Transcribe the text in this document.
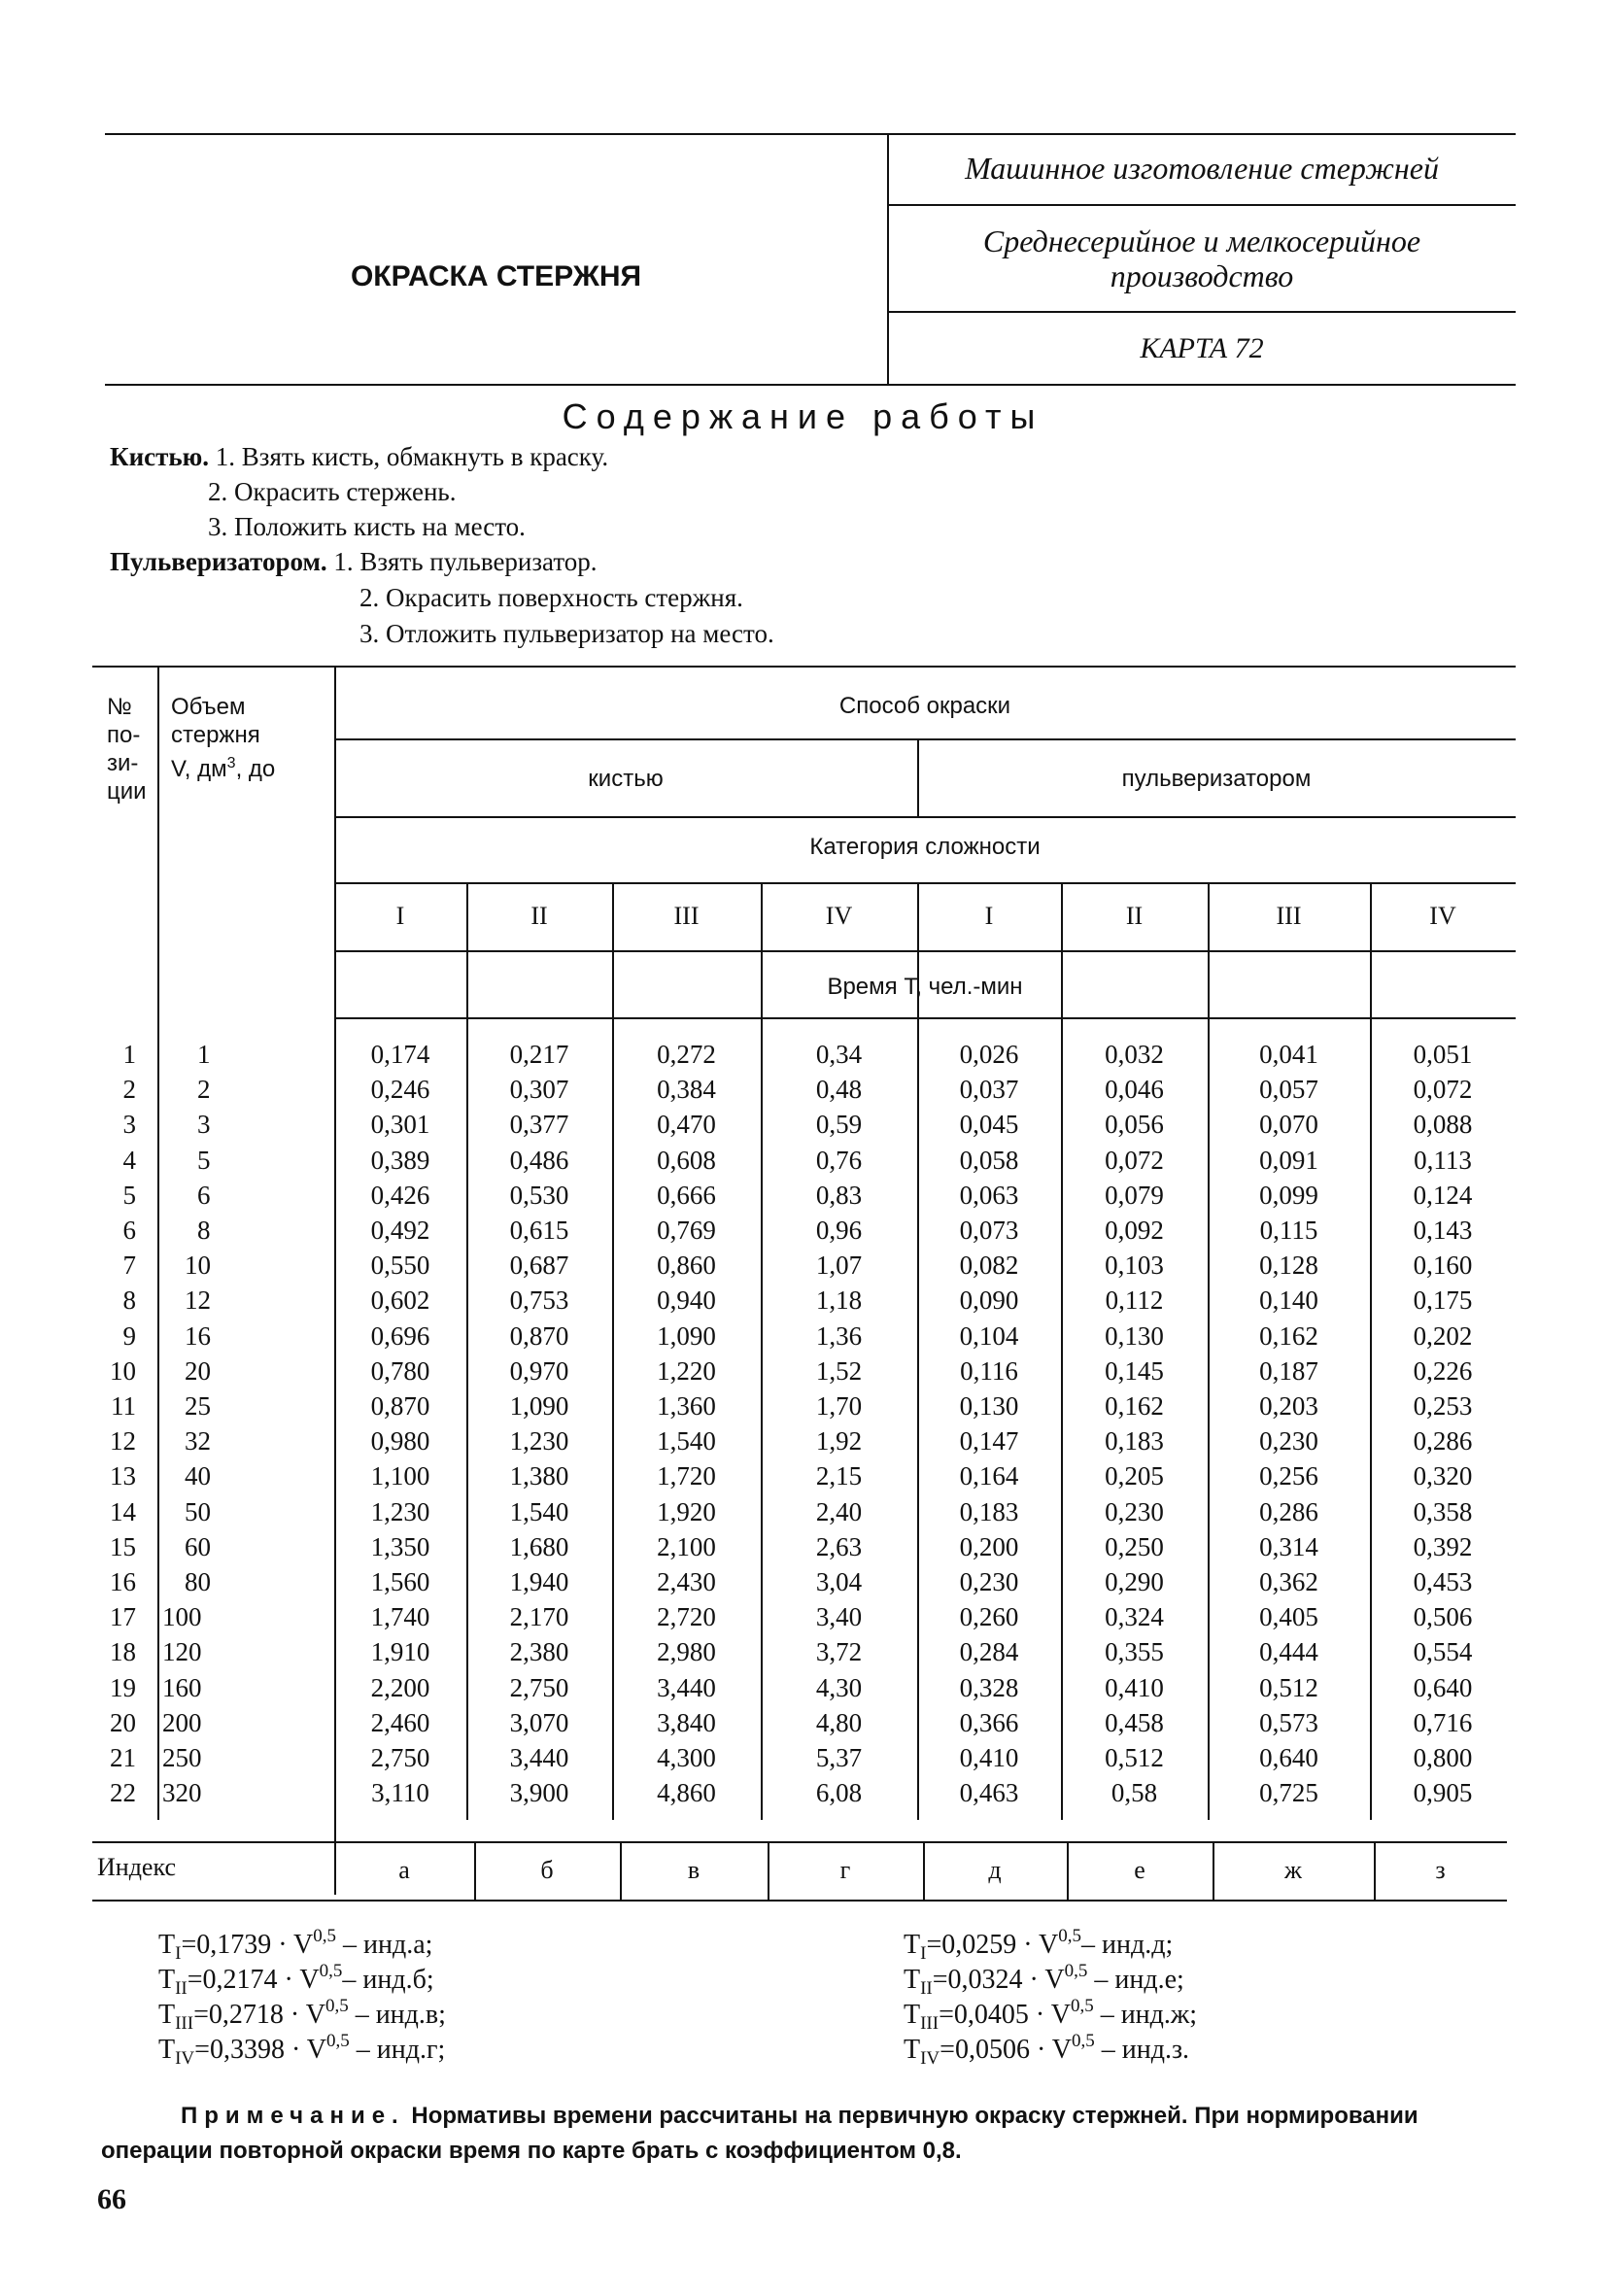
ОКРАСКА СТЕРЖНЯ
Машинное изготовление стержней
Среднесерийное и мелкосерийное
производство
КАРТА 72
Содержание работы
Кистью. 1. Взять кисть, обмакнуть в краску.
2. Окрасить стержень.
3. Положить кисть на место.
Пульверизатором. 1. Взять пульверизатор.
2. Окрасить поверхность стержня.
3. Отложить пульверизатор на место.
№
по-
зи-
ции
Объем
стержня
V, $дм^3$, до
Способ окраски
кистью	пульверизатором
Категория сложности
Время Т, чел.-мин
I	II	III	IV	I	II	III	IV
1 1	0,174	0,217	0,272	0,34	0,026	0,032	0,041	0,051
2 2	0,246	0,307	0,384	0,48	0,037	0,046	0,057	0,072
3 3	0,301	0,377	0,470	0,59	0,045	0,056	0,070	0,088
4 5	0,389	0,486	0,608	0,76	0,058	0,072	0,091	0,113
5 6	0,426	0,530	0,666	0,83	0,063	0,079	0,099	0,124
6 8	0,492	0,615	0,769	0,96	0,073	0,092	0,115	0,143
7 10	0,550	0,687	0,860	1,07	0,082	0,103	0,128	0,160
8 12	0,602	0,753	0,940	1,18	0,090	0,112	0,140	0,175
9 16	0,696	0,870	1,090	1,36	0,104	0,130	0,162	0,202
10 20	0,780	0,970	1,220	1,52	0,116	0,145	0,187	0,226
11 25	0,870	1,090	1,360	1,70	0,130	0,162	0,203	0,253
12 32	0,980	1,230	1,540	1,92	0,147	0,183	0,230	0,286
13 40	1,100	1,380	1,720	2,15	0,164	0,205	0,256	0,320
14 50	1,230	1,540	1,920	2,40	0,183	0,230	0,286	0,358
15 60	1,350	1,680	2,100	2,63	0,200	0,250	0,314	0,392
16 80	1,560	1,940	2,430	3,04	0,230	0,290	0,362	0,453
17 100	1,740	2,170	2,720	3,40	0,260	0,324	0,405	0,506
18 120	1,910	2,380	2,980	3,72	0,284	0,355	0,444	0,554
19 160	2,200	2,750	3,440	4,30	0,328	0,410	0,512	0,640
20 200	2,460	3,070	3,840	4,80	0,366	0,458	0,573	0,716
21 250	2,750	3,440	4,300	5,37	0,410	0,512	0,640	0,800
22 320	3,110	3,900	4,860	6,08	0,463	0,58	0,725	0,905
Индекс	а	б	в	г	д	е	ж	з
$T_I=0,1739 \cdot V^{0,5} - инд.а$;	$T_I=0,0259 \cdot V^{0,5}-$ инд.д;
$T_{II}=0,2174 \cdot V^{0,5}-$ инд.б;	$T_{II}=0,0324 \cdot V^{0,5} - инд.е$;
$T_{III}=0,2718 \cdot V^{0,5} - инд.в$;	$T_{III}=0,0405 \cdot V^{0,5} - инд.ж$;
$T_{IV}=0,3398 \cdot V^{0,5} - инд.г$;	$T_{IV}=0,0506 \cdot V^{0,5} - инд.з$.
Примечание. Нормативы времени рассчитаны на первичную окраску стержней. При нормировании операции повторной окраски время по карте брать с коэффициентом 0,8.
66
